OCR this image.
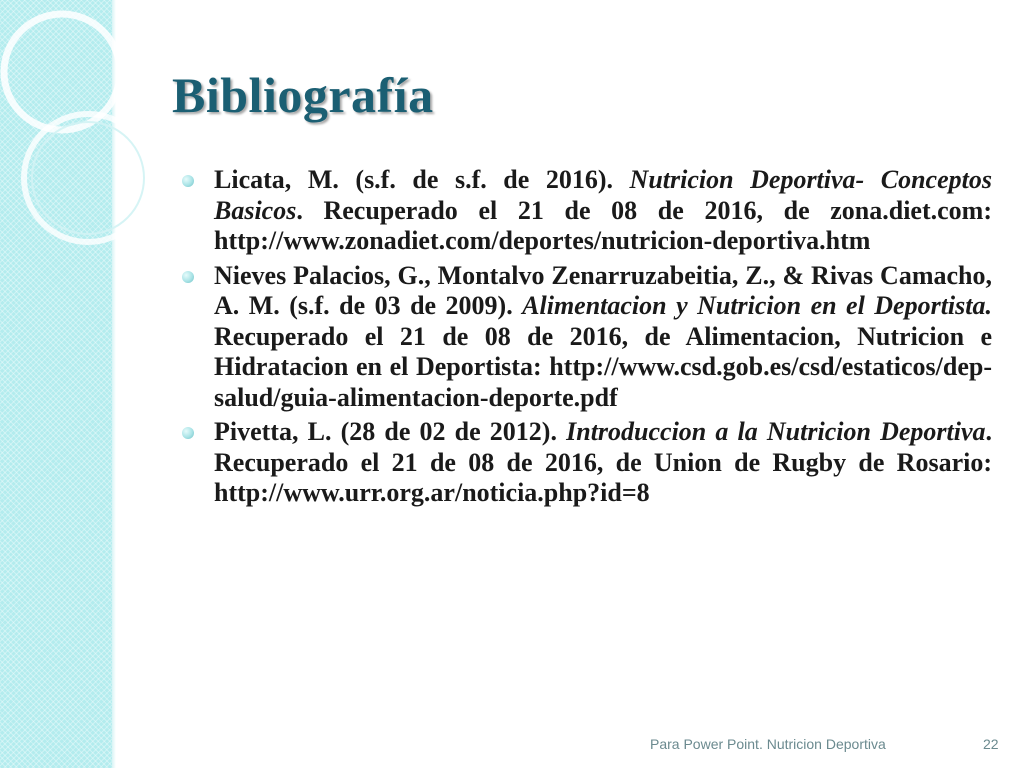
Bibliografía
Licata, M. (s.f. de s.f. de 2016). Nutricion Deportiva- Conceptos Basicos. Recuperado el 21 de 08 de 2016, de zona.diet.com: http://www.zonadiet.com/deportes/nutricion-deportiva.htm
Nieves Palacios, G., Montalvo Zenarruzabeitia, Z., & Rivas Camacho, A. M. (s.f. de 03 de 2009). Alimentacion y Nutricion en el Deportista. Recuperado el 21 de 08 de 2016, de Alimentacion, Nutricion e Hidratacion en el Deportista: http://www.csd.gob.es/csd/estaticos/dep-salud/guia-alimentacion-deporte.pdf
Pivetta, L. (28 de 02 de 2012). Introduccion a la Nutricion Deportiva. Recuperado el 21 de 08 de 2016, de Union de Rugby de Rosario: http://www.urr.org.ar/noticia.php?id=8
Para Power Point. Nutricion Deportiva	22
